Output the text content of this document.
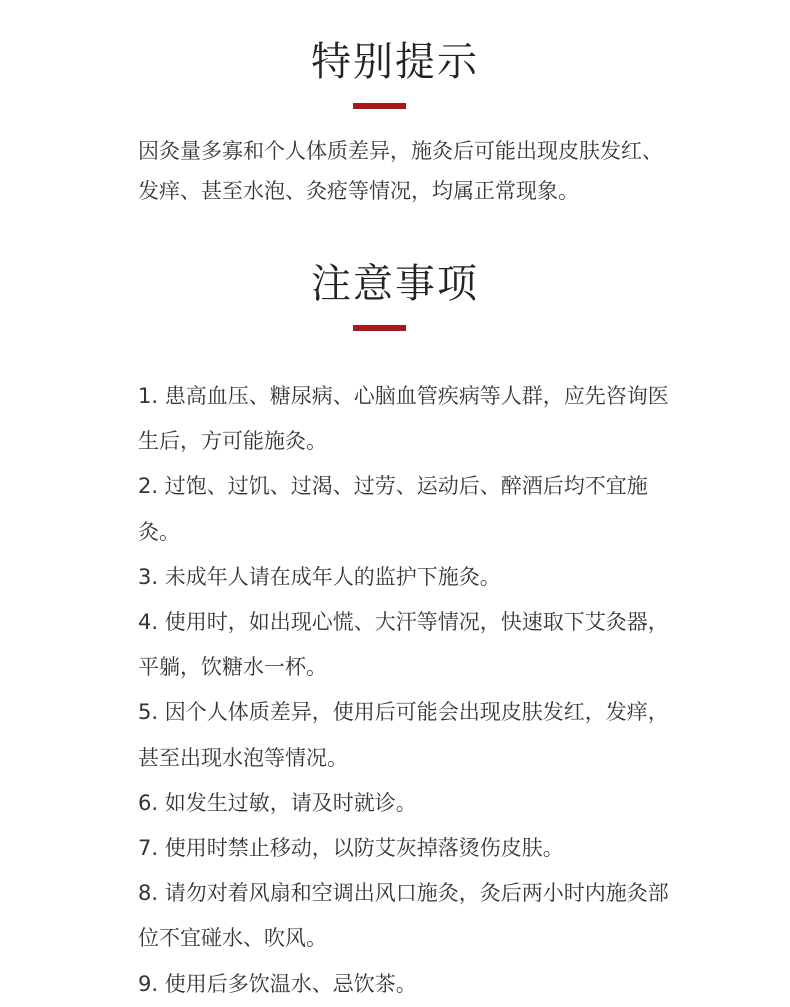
特别提示

因灸量多寡和个人体质差异，施灸后可能出现皮肤发红、发痒、甚至水泡、灸疮等情况，均属正常现象。

注意事项
1. 患高血压、糖尿病、心脑血管疾病等人群，应先咨询医生后，方可能施灸。
2. 过饱、过饥、过渴、过劳、运动后、醉酒后均不宜施灸。
3. 未成年人请在成年人的监护下施灸。
4. 使用时，如出现心慌、大汗等情况，快速取下艾灸器，平躺，饮糖水一杯。
5. 因个人体质差异，使用后可能会出现皮肤发红，发痒，甚至出现水泡等情况。
6. 如发生过敏，请及时就诊。
7. 使用时禁止移动，以防艾灰掉落烫伤皮肤。
8. 请勿对着风扇和空调出风口施灸，灸后两小时内施灸部位不宜碰水、吹风。
9. 使用后多饮温水、忌饮茶。
